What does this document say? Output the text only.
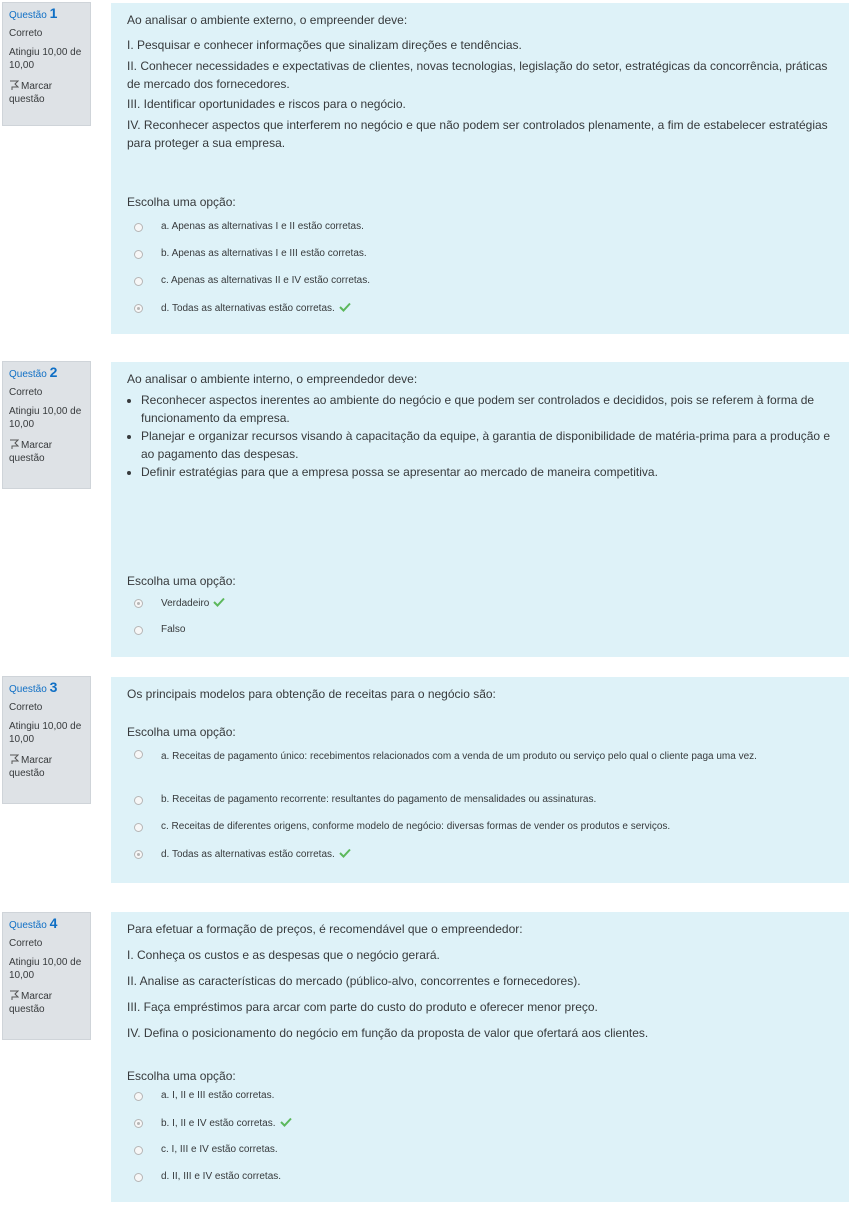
Questão 1
Correto
Atingiu 10,00 de 10,00
Marcar questão

Ao analisar o ambiente externo, o empreender deve:

I. Pesquisar e conhecer informações que sinalizam direções e tendências.

II. Conhecer necessidades e expectativas de clientes, novas tecnologias, legislação do setor, estratégicas da concorrência, práticas de mercado dos fornecedores.

III. Identificar oportunidades e riscos para o negócio.

IV. Reconhecer aspectos que interferem no negócio e que não podem ser controlados plenamente, a fim de estabelecer estratégias para proteger a sua empresa.

Escolha uma opção:

a. Apenas as alternativas I e II estão corretas.
b. Apenas as alternativas I e III estão corretas.
c. Apenas as alternativas II e IV estão corretas.
d. Todas as alternativas estão corretas.
Questão 2
Correto
Atingiu 10,00 de 10,00
Marcar questão

Ao analisar o ambiente interno, o empreendedor deve:

• Reconhecer aspectos inerentes ao ambiente do negócio e que podem ser controlados e decididos, pois se referem à forma de funcionamento da empresa.
• Planejar e organizar recursos visando à capacitação da equipe, à garantia de disponibilidade de matéria-prima para a produção e ao pagamento das despesas.
• Definir estratégias para que a empresa possa se apresentar ao mercado de maneira competitiva.

Escolha uma opção:

Verdadeiro
Falso
Questão 3
Correto
Atingiu 10,00 de 10,00
Marcar questão

Os principais modelos para obtenção de receitas para o negócio são:

Escolha uma opção:

a. Receitas de pagamento único: recebimentos relacionados com a venda de um produto ou serviço pelo qual o cliente paga uma vez.
b. Receitas de pagamento recorrente: resultantes do pagamento de mensalidades ou assinaturas.
c. Receitas de diferentes origens, conforme modelo de negócio: diversas formas de vender os produtos e serviços.
d. Todas as alternativas estão corretas.
Questão 4
Correto
Atingiu 10,00 de 10,00
Marcar questão

Para efetuar a formação de preços, é recomendável que o empreendedor:

I. Conheça os custos e as despesas que o negócio gerará.

II. Analise as características do mercado (público-alvo, concorrentes e fornecedores).

III. Faça empréstimos para arcar com parte do custo do produto e oferecer menor preço.

IV. Defina o posicionamento do negócio em função da proposta de valor que ofertará aos clientes.

Escolha uma opção:

a. I, II e III estão corretas.
b. I, II e IV estão corretas.
c. I, III e IV estão corretas.
d. II, III e IV estão corretas.
